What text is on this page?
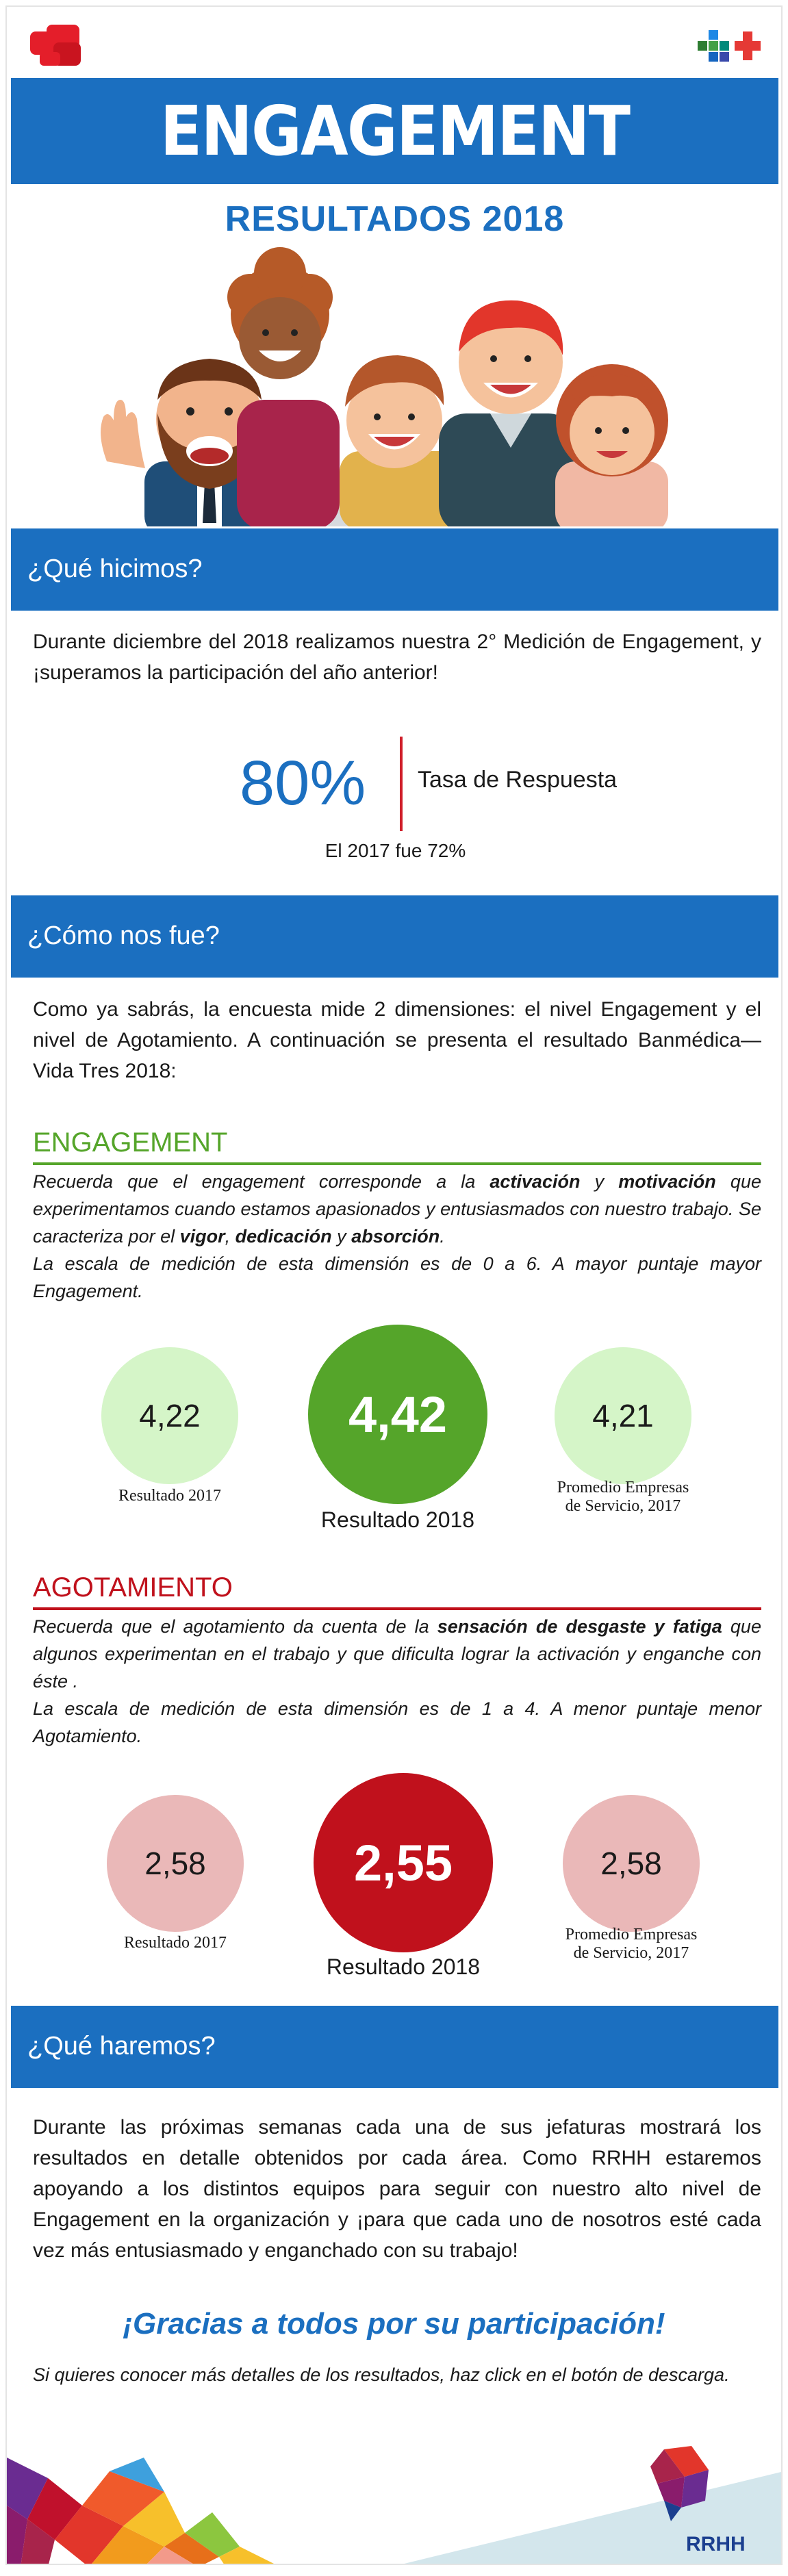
ENGAGEMENT
RESULTADOS 2018
¿Qué hicimos?
Durante diciembre del 2018 realizamos nuestra 2° Medición de Engagement, y ¡superamos la participación del año anterior!
80% Tasa de Respuesta
El 2017 fue 72%
¿Cómo nos fue?
Como ya sabrás, la encuesta mide 2 dimensiones: el nivel Engagement y el nivel de Agotamiento. A continuación se presenta el resultado Banmédica—Vida Tres 2018:
ENGAGEMENT
Recuerda que el engagement corresponde a la activación y motivación que experimentamos cuando estamos apasionados y entusiasmados con nuestro trabajo. Se caracteriza por el vigor, dedicación y absorción.
La escala de medición de esta dimensión es de 0 a 6. A mayor puntaje mayor Engagement.
4,22
Resultado 2017
4,42
Resultado 2018
4,21
Promedio Empresas
de Servicio, 2017
AGOTAMIENTO
Recuerda que el agotamiento da cuenta de la sensación de desgaste y fatiga que algunos experimentan en el trabajo y que dificulta lograr la activación y enganche con éste .
La escala de medición de esta dimensión es de 1 a 4. A menor puntaje menor Agotamiento.
2,58
Resultado 2017
2,55
Resultado 2018
2,58
Promedio Empresas
de Servicio, 2017
¿Qué haremos?
Durante las próximas semanas cada una de sus jefaturas mostrará los resultados en detalle obtenidos por cada área. Como RRHH estaremos apoyando a los distintos equipos para seguir con nuestro alto nivel de Engagement en la organización y ¡para que cada uno de nosotros esté cada vez más entusiasmado y enganchado con su trabajo!
¡Gracias a todos por su participación!
Si quieres conocer más detalles de los resultados, haz click en el botón de descarga.
RRHH
